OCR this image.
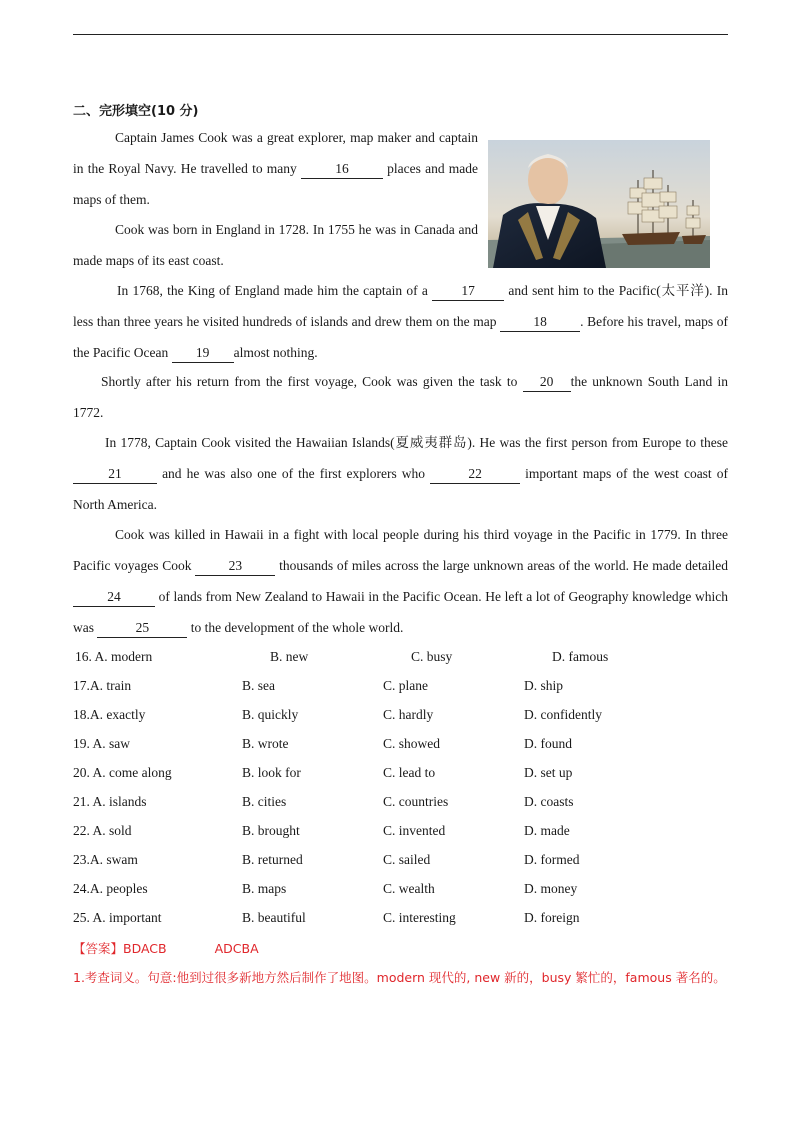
二、完形填空(10 分)

Captain James Cook was a great explorer, map maker and captain in the Royal Navy. He travelled to many	16	places and made maps of them.

Cook was born in England in 1728. In 1755 he was in Canada and made maps of its east coast.

In 1768, the King of England made him the captain of a 17 and sent him to the Pacific(太平洋). In less than three years he visited hundreds of islands and drew them on the map	18 . Before his travel, maps of the Pacific Ocean 19 almost nothing.

Shortly after his return from the first voyage, Cook was given the task to 20 the unknown South Land in 1772.

In 1778, Captain Cook visited the Hawaiian Islands(夏威夷群岛). He was the first person from Europe to these 21	and he was also one of the first explorers who	22	important maps of the west coast of North America.

Cook was killed in Hawaii in a fight with local people during his third voyage in the Pacific in 1779. In three Pacific voyages Cook	23	thousands of miles across the large unknown areas of the world. He made detailed 24	of lands from New Zealand to Hawaii in the Pacific Ocean. He left a lot of Geography knowledge which was	25	to the development of the whole world.

16. A. modern	B. new	C. busy	D. famous
17.A. train	B. sea	C. plane	D. ship
18.A. exactly	B. quickly	C. hardly	D. confidently
19. A. saw	B. wrote	C. showed	D. found
20. A. come along	B. look for	C. lead to	D. set up
21. A. islands	B. cities	C. countries	D. coasts
22. A. sold	B. brought	C. invented	D. made
23.A. swam	B. returned	C. sailed	D. formed
24.A. peoples	B. maps	C. wealth	D. money
25. A. important	B. beautiful	C. interesting	D. foreign
【答案】BDACB	ADCBA
1.考查词义。句意:他到过很多新地方然后制作了地图。modern 现代的, new 新的，busy 繁忙的，famous 著名的。
